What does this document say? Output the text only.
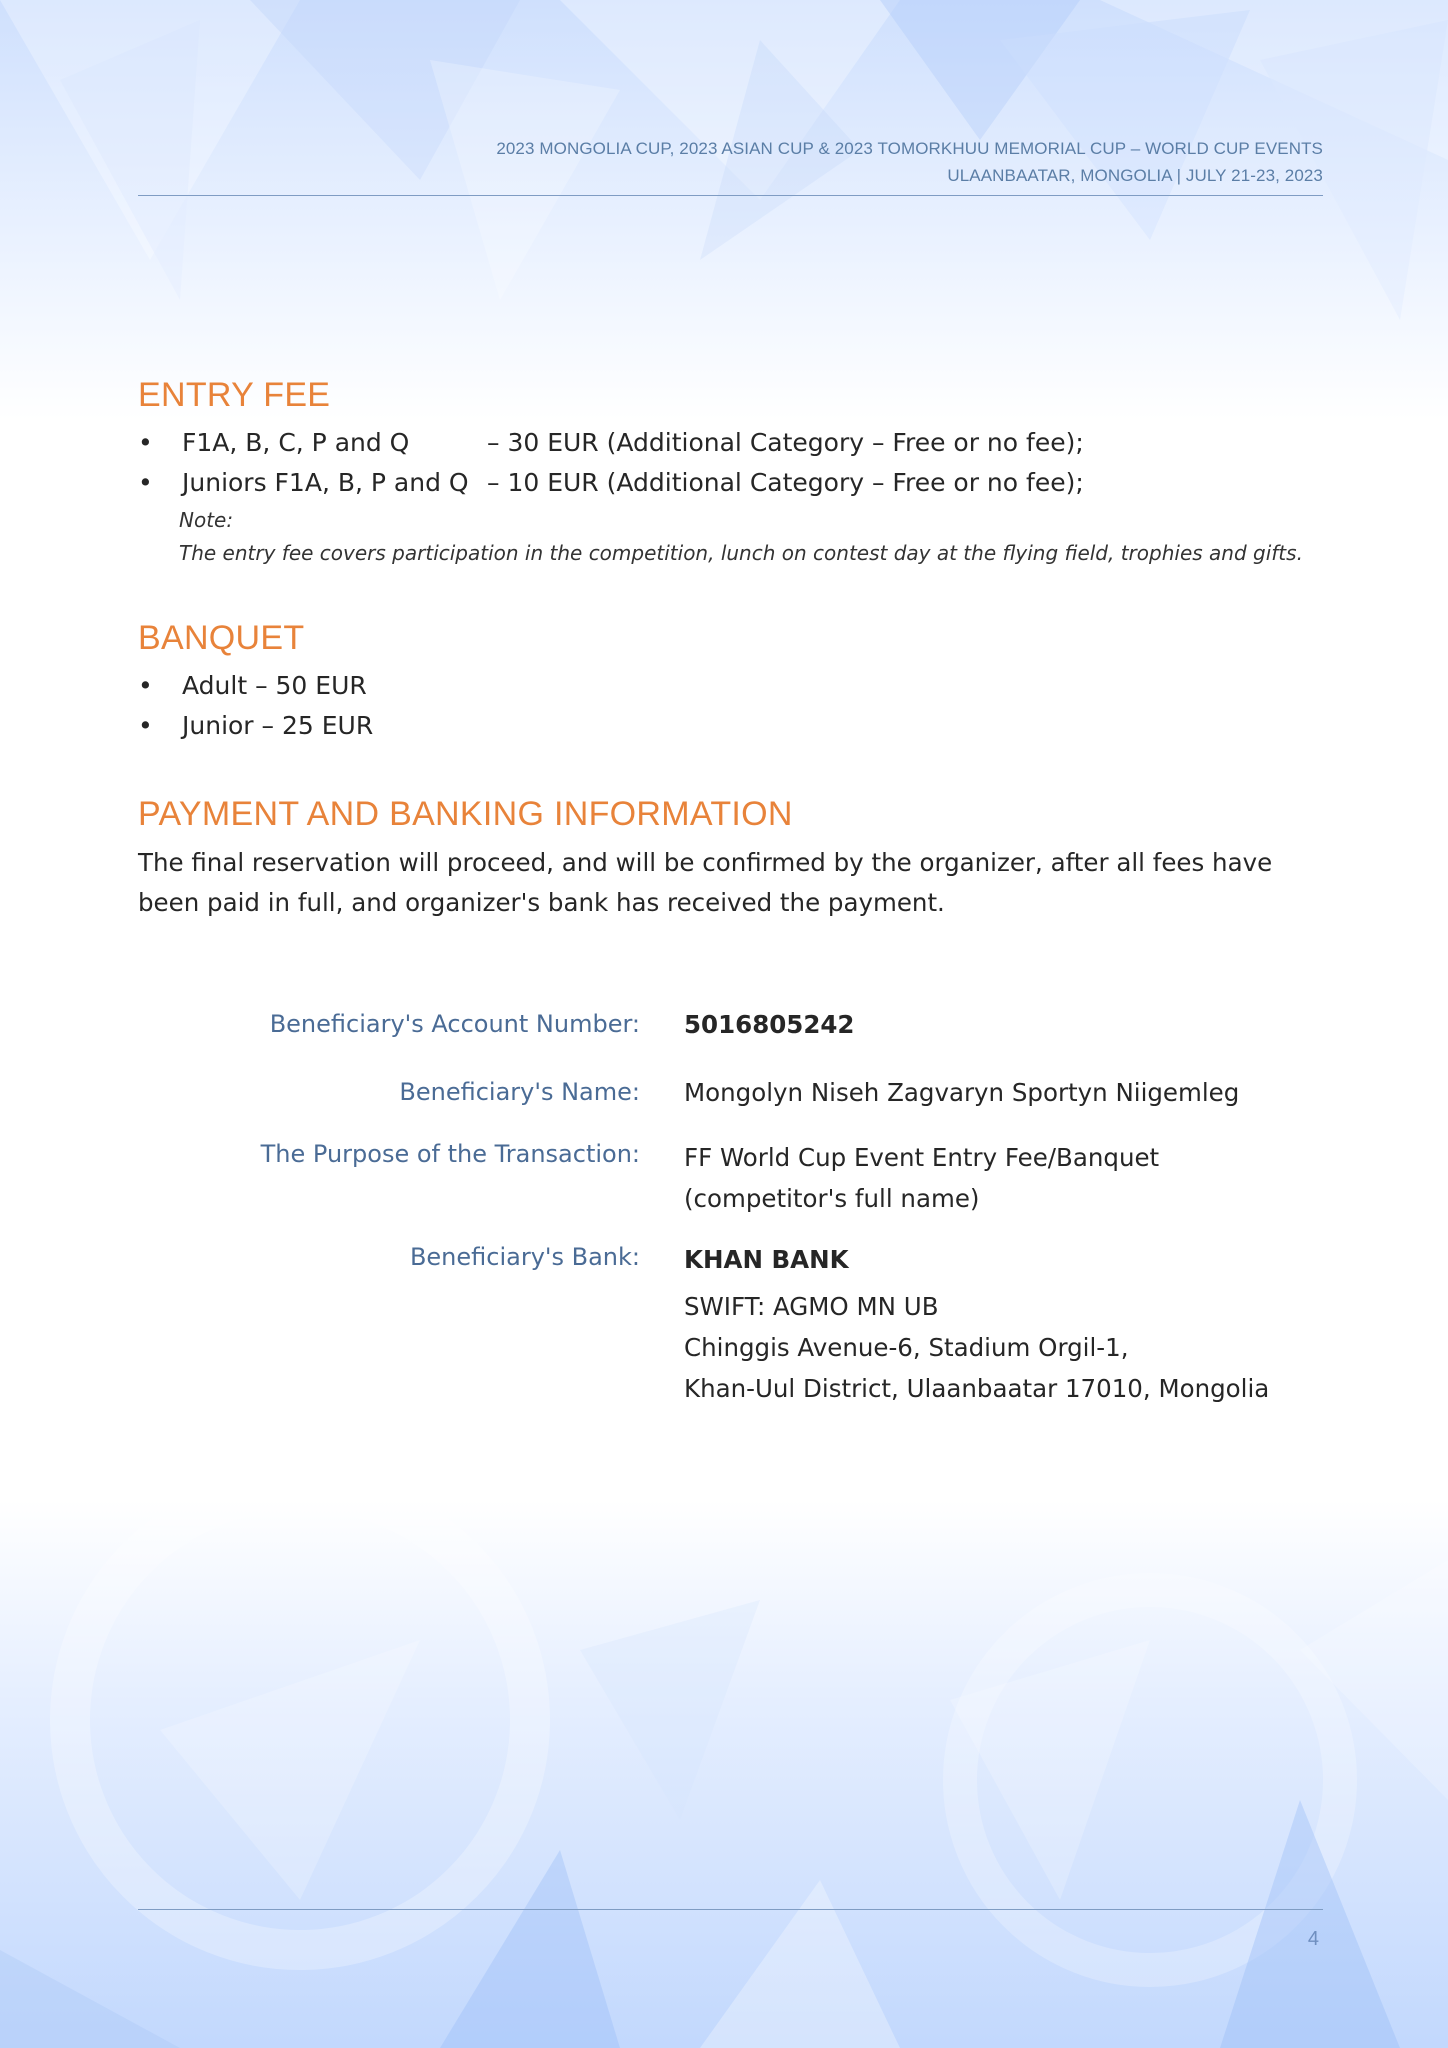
2023 MONGOLIA CUP, 2023 ASIAN CUP & 2023 TOMORKHUU MEMORIAL CUP – WORLD CUP EVENTS
ULAANBAATAR, MONGOLIA | JULY 21-23, 2023
ENTRY FEE
• F1A, B, C, P and Q	– 30 EUR (Additional Category – Free or no fee);
• Juniors F1A, B, P and Q – 10 EUR (Additional Category – Free or no fee);
Note:
The entry fee covers participation in the competition, lunch on contest day at the flying field, trophies and gifts.
BANQUET
• Adult – 50 EUR
• Junior – 25 EUR
PAYMENT AND BANKING INFORMATION
The final reservation will proceed, and will be confirmed by the organizer, after all fees have been paid in full, and organizer's bank has received the payment.
Beneficiary's Account Number: 5016805242
Beneficiary's Name: Mongolyn Niseh Zagvaryn Sportyn Niigemleg
The Purpose of the Transaction: FF World Cup Event Entry Fee/Banquet
(competitor's full name)
Beneficiary's Bank: KHAN BANK
SWIFT: AGMO MN UB
Chinggis Avenue-6, Stadium Orgil-1,
Khan-Uul District, Ulaanbaatar 17010, Mongolia
4
